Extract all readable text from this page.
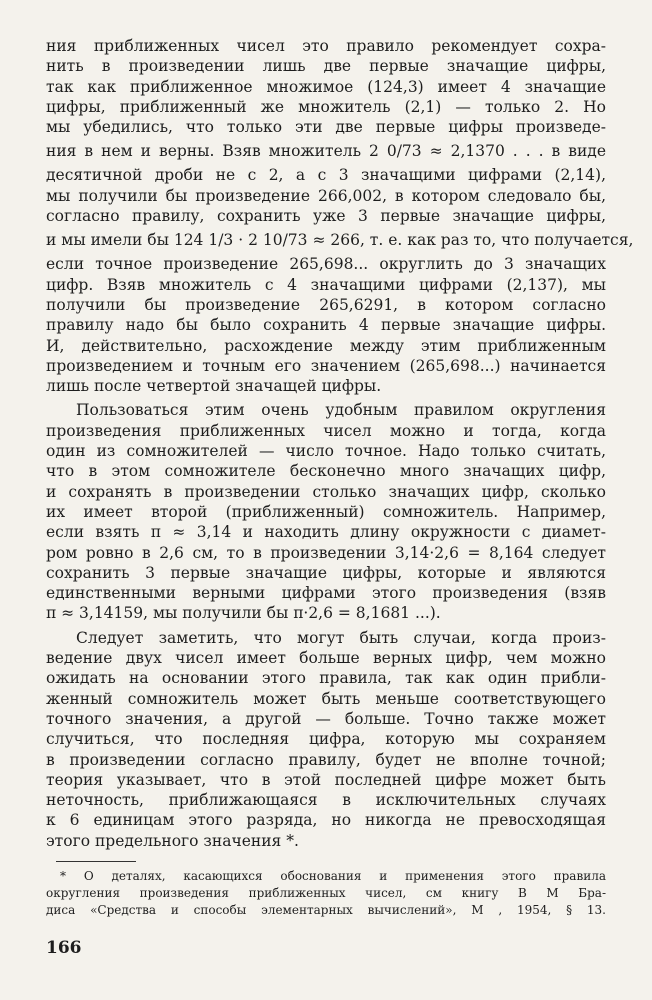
ния приближенных чисел это правило рекомендует сохра-
нить в произведении лишь две первые значащие цифры,
так как приближенное множимое (124,3) имеет 4 значащие
цифры, приближенный же множитель (2,1) — только 2. Но
мы убедились, что только эти две первые цифры произведе-
ния в нем и верны. Взяв множитель 2 0/73 ≈ 2,1370 . . . в виде
десятичной дроби не с 2, а с 3 значащими цифрами (2,14),
мы получили бы произведение 266,002, в котором следовало бы,
согласно правилу, сохранить уже 3 первые значащие цифры,
и мы имели бы 124 1/3 · 2 10/73 ≈ 266, т. е. как раз то, что получается,
если точное произведение 265,698... округлить до 3 значащих
цифр. Взяв множитель с 4 значащими цифрами (2,137), мы
получили бы произведение 265,6291, в котором согласно
правилу надо бы было сохранить 4 первые значащие цифры.
И, действительно, расхождение между этим приближенным
произведением и точным его значением (265,698...) начинается
лишь после четвертой значащей цифры.
Пользоваться этим очень удобным правилом округления
произведения приближенных чисел можно и тогда, когда
один из сомножителей — число точное. Надо только считать,
что в этом сомножителе бесконечно много значащих цифр,
и сохранять в произведении столько значащих цифр, сколько
их имеет второй (приближенный) сомножитель. Например,
если взять π ≈ 3,14 и находить длину окружности с диамет-
ром ровно в 2,6 см, то в произведении 3,14·2,6 = 8,164 следует
сохранить 3 первые значащие цифры, которые и являются
единственными верными цифрами этого произведения (взяв
π ≈ 3,14159, мы получили бы π·2,6 = 8,1681 ...).
Следует заметить, что могут быть случаи, когда произ-
ведение двух чисел имеет больше верных цифр, чем можно
ожидать на основании этого правила, так как один прибли-
женный сомножитель может быть меньше соответствующего
точного значения, а другой — больше. Точно также может
случиться, что последняя цифра, которую мы сохраняем
в произведении согласно правилу, будет не вполне точной;
теория указывает, что в этой последней цифре может быть
неточность, приближающаяся в исключительных случаях
к 6 единицам этого разряда, но никогда не превосходящая
этого предельного значения *.
* О деталях, касающихся обоснования и применения этого правила
округления произведения приближенных чисел, см книгу В М Бра-
диса «Средства и способы элементарных вычислений», М , 1954, § 13.
166
